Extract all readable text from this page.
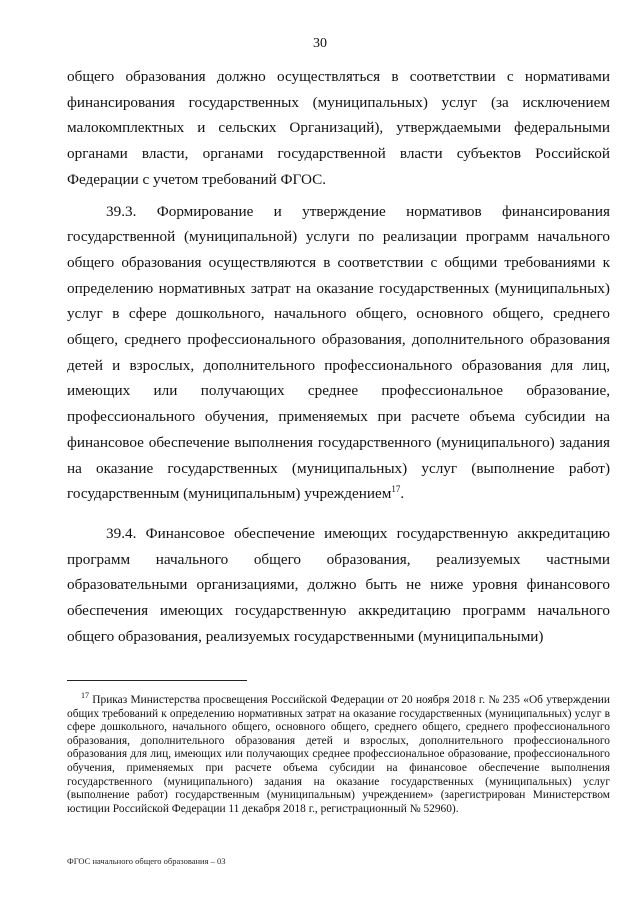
30

общего образования должно осуществляться в соответствии с нормативами финансирования государственных (муниципальных) услуг (за исключением малокомплектных и сельских Организаций), утверждаемыми федеральными органами власти, органами государственной власти субъектов Российской Федерации с учетом требований ФГОС.

39.3. Формирование и утверждение нормативов финансирования государственной (муниципальной) услуги по реализации программ начального общего образования осуществляются в соответствии с общими требованиями к определению нормативных затрат на оказание государственных (муниципальных) услуг в сфере дошкольного, начального общего, основного общего, среднего общего, среднего профессионального образования, дополнительного образования детей и взрослых, дополнительного профессионального образования для лиц, имеющих или получающих среднее профессиональное образование, профессионального обучения, применяемых при расчете объема субсидии на финансовое обеспечение выполнения государственного (муниципального) задания на оказание государственных (муниципальных) услуг (выполнение работ) государственным (муниципальным) учреждением$^{17}$.

39.4. Финансовое обеспечение имеющих государственную аккредитацию программ начального общего образования, реализуемых частными образовательными организациями, должно быть не ниже уровня финансового обеспечения имеющих государственную аккредитацию программ начального общего образования, реализуемых государственными (муниципальными)

$^{17}$ Приказ Министерства просвещения Российской Федерации от 20 ноября 2018 г. № 235 «Об утверждении общих требований к определению нормативных затрат на оказание государственных (муниципальных) услуг в сфере дошкольного, начального общего, основного общего, среднего общего, среднего профессионального образования, дополнительного образования детей и взрослых, дополнительного профессионального образования для лиц, имеющих или получающих среднее профессиональное образование, профессионального обучения, применяемых при расчете объема субсидии на финансовое обеспечение выполнения государственного (муниципального) задания на оказание государственных (муниципальных) услуг (выполнение работ) государственным (муниципальным) учреждением» (зарегистрирован Министерством юстиции Российской Федерации 11 декабря 2018 г., регистрационный № 52960).
ФГОС начального общего образования – 03
